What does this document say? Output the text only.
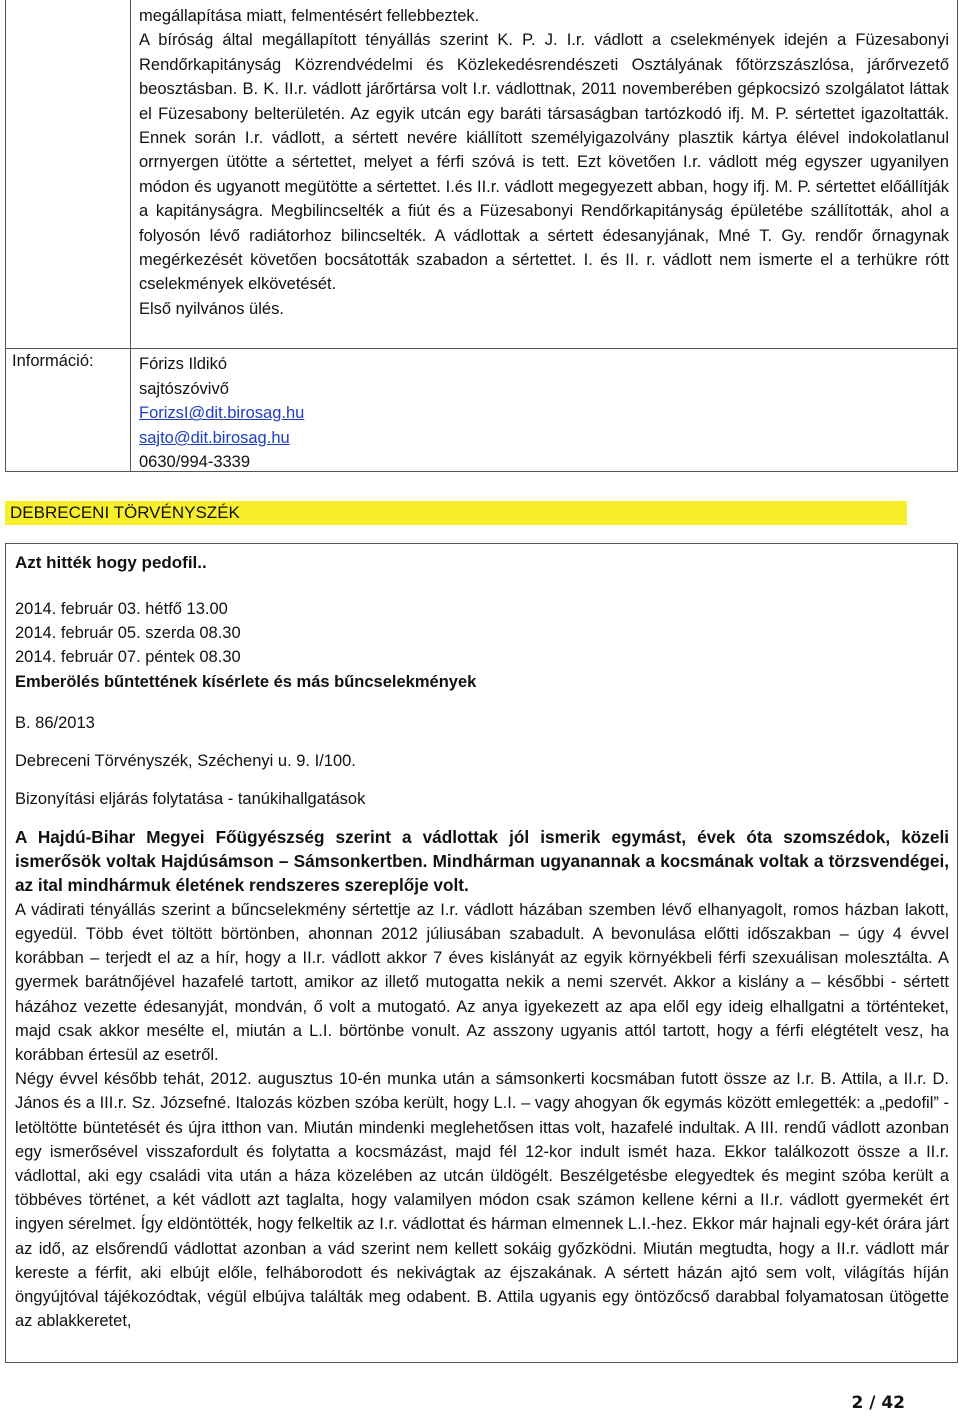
megállapítása miatt, felmentésért fellebbeztek.

A bíróság által megállapított tényállás szerint K. P. J. I.r. vádlott a cselekmények idején a Füzesabonyi Rendőrkapitányság Közrendvédelmi és Közlekedésrendészeti Osztályának főtörzszászlósa, járőrvezető beosztásban. B. K. II.r. vádlott járőrtársa volt I.r. vádlottnak, 2011 novemberében gépkocsizó szolgálatot láttak el Füzesabony belterületén. Az egyik utcán egy baráti társaságban tartózkodó ifj. M. P. sértettet igazoltatták. Ennek során I.r. vádlott, a sértett nevére kiállított személyigazolvány plasztik kártya élével indokolatlanul orrnyergen ütötte a sértettet, melyet a férfi szóvá is tett. Ezt követően I.r. vádlott még egyszer ugyanilyen módon és ugyanott megütötte a sértettet. I.és II.r. vádlott megegyezett abban, hogy ifj. M. P. sértettet előállítják a kapitányságra. Megbilincselték a fiút és a Füzesabonyi Rendőrkapitányság épületébe szállították, ahol a folyosón lévő radiátorhoz bilincselték. A vádlottak a sértett édesanyjának, Mné T. Gy. rendőr őrnagynak megérkezését követően bocsátották szabadon a sértettet. I. és II. r. vádlott nem ismerte el a terhükre rótt cselekmények elkövetését.

Első nyilvános ülés.

Információ:	Fórizs Ildikó
sajtószóvivő
ForizsI@dit.birosag.hu
sajto@dit.birosag.hu
0630/994-3339
DEBRECENI TÖRVÉNYSZÉK
Azt hitték hogy pedofil..
2014. február 03. hétfő 13.00
2014. február 05. szerda 08.30
2014. február 07. péntek 08.30
Emberölés bűntettének kísérlete és más bűncselekmények
B. 86/2013
Debreceni Törvényszék, Széchenyi u. 9. I/100.
Bizonyítási eljárás folytatása - tanúkihallgatások

A Hajdú-Bihar Megyei Főügyészség szerint a vádlottak jól ismerik egymást, évek óta szomszédok, közeli ismerősök voltak Hajdúsámson – Sámsonkertben. Mindhárman ugyanannak a kocsmának voltak a törzsvendégei, az ital mindhármuk életének rendszeres szereplője volt.

A vádirati tényállás szerint a bűncselekmény sértettje az I.r. vádlott házában szemben lévő elhanyagolt, romos házban lakott, egyedül. Több évet töltött börtönben, ahonnan 2012 júliusában szabadult. A bevonulása előtti időszakban – úgy 4 évvel korábban – terjedt el az a hír, hogy a II.r. vádlott akkor 7 éves kislányát az egyik környékbeli férfi szexuálisan molesztálta. A gyermek barátnőjével hazafelé tartott, amikor az illető mutogatta nekik a nemi szervét. Akkor a kislány a – későbbi - sértett házához vezette édesanyját, mondván, ő volt a mutogató. Az anya igyekezett az apa elől egy ideig elhallgatni a történteket, majd csak akkor mesélte el, miután a L.I. börtönbe vonult. Az asszony ugyanis attól tartott, hogy a férfi elégtételt vesz, ha korábban értesül az esetről.

Négy évvel később tehát, 2012. augusztus 10-én munka után a sámsonkerti kocsmában futott össze az I.r. B. Attila, a II.r. D. János és a III.r. Sz. Józsefné. Italozás közben szóba került, hogy L.I. – vagy ahogyan ők egymás között emlegették: a „pedofil” - letöltötte büntetését és újra itthon van. Miután mindenki meglehetősen ittas volt, hazafelé indultak. A III. rendű vádlott azonban egy ismerősével visszafordult és folytatta a kocsmázást, majd fél 12-kor indult ismét haza. Ekkor találkozott össze a II.r. vádlottal, aki egy családi vita után a háza közelében az utcán üldögélt. Beszélgetésbe elegyedtek és megint szóba került a többéves történet, a két vádlott azt taglalta, hogy valamilyen módon csak számon kellene kérni a II.r. vádlott gyermekét ért ingyen sérelmet. Így eldöntötték, hogy felkeltik az I.r. vádlottat és hárman elmennek L.I.-hez. Ekkor már hajnali egy-két órára járt az idő, az elsőrendű vádlottat azonban a vád szerint nem kellett sokáig győzködni. Miután megtudta, hogy a II.r. vádlott már kereste a férfit, aki elbújt előle, felháborodott és nekivágtak az éjszakának. A sértett házán ajtó sem volt, világítás híján öngyújtóval tájékozódtak, végül elbújva találták meg odabent. B. Attila ugyanis egy öntözőcső darabbal folyamatosan ütögette az ablakkeretet,

2 / 42
